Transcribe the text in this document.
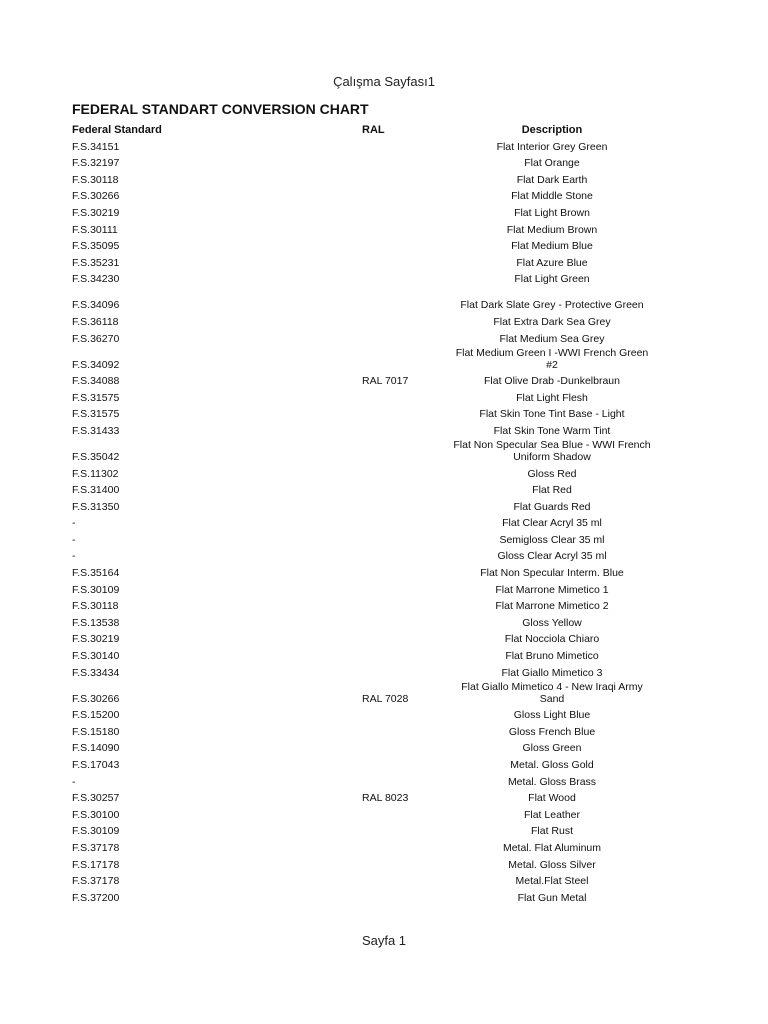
Çalışma Sayfası1
FEDERAL STANDART CONVERSION CHART
Federal Standard	RAL	Description
F.S.34151		Flat Interior Grey Green
F.S.32197		Flat Orange
F.S.30118		Flat Dark Earth
F.S.30266		Flat Middle Stone
F.S.30219		Flat Light Brown
F.S.30111		Flat Medium Brown
F.S.35095		Flat Medium Blue
F.S.35231		Flat Azure Blue
F.S.34230		Flat Light Green
F.S.34096		Flat Dark Slate Grey - Protective Green
F.S.36118		Flat Extra Dark Sea Grey
F.S.36270		Flat Medium Sea Grey
F.S.34092		Flat Medium Green I -WWI French Green #2
F.S.34088	RAL 7017	Flat Olive Drab -Dunkelbraun
F.S.31575		Flat Light Flesh
F.S.31575		Flat Skin Tone Tint Base - Light
F.S.31433		Flat Skin Tone Warm Tint
F.S.35042		Flat Non Specular Sea Blue - WWI French Uniform Shadow
F.S.11302		Gloss Red
F.S.31400		Flat Red
F.S.31350		Flat Guards Red
-		Flat Clear Acryl 35 ml
-		Semigloss Clear 35 ml
-		Gloss Clear Acryl 35 ml
F.S.35164		Flat Non Specular Interm. Blue
F.S.30109		Flat Marrone Mimetico 1
F.S.30118		Flat Marrone Mimetico 2
F.S.13538		Gloss Yellow
F.S.30219		Flat Nocciola Chiaro
F.S.30140		Flat Bruno Mimetico
F.S.33434		Flat Giallo Mimetico 3
F.S.30266	RAL 7028	Flat Giallo Mimetico 4 - New Iraqi Army Sand
F.S.15200		Gloss Light Blue
F.S.15180		Gloss French Blue
F.S.14090		Gloss Green
F.S.17043		Metal. Gloss Gold
-		Metal. Gloss Brass
F.S.30257	RAL 8023	Flat Wood
F.S.30100		Flat Leather
F.S.30109		Flat Rust
F.S.37178		Metal. Flat Aluminum
F.S.17178		Metal. Gloss Silver
F.S.37178		Metal.Flat Steel
F.S.37200		Flat Gun Metal
Sayfa 1
